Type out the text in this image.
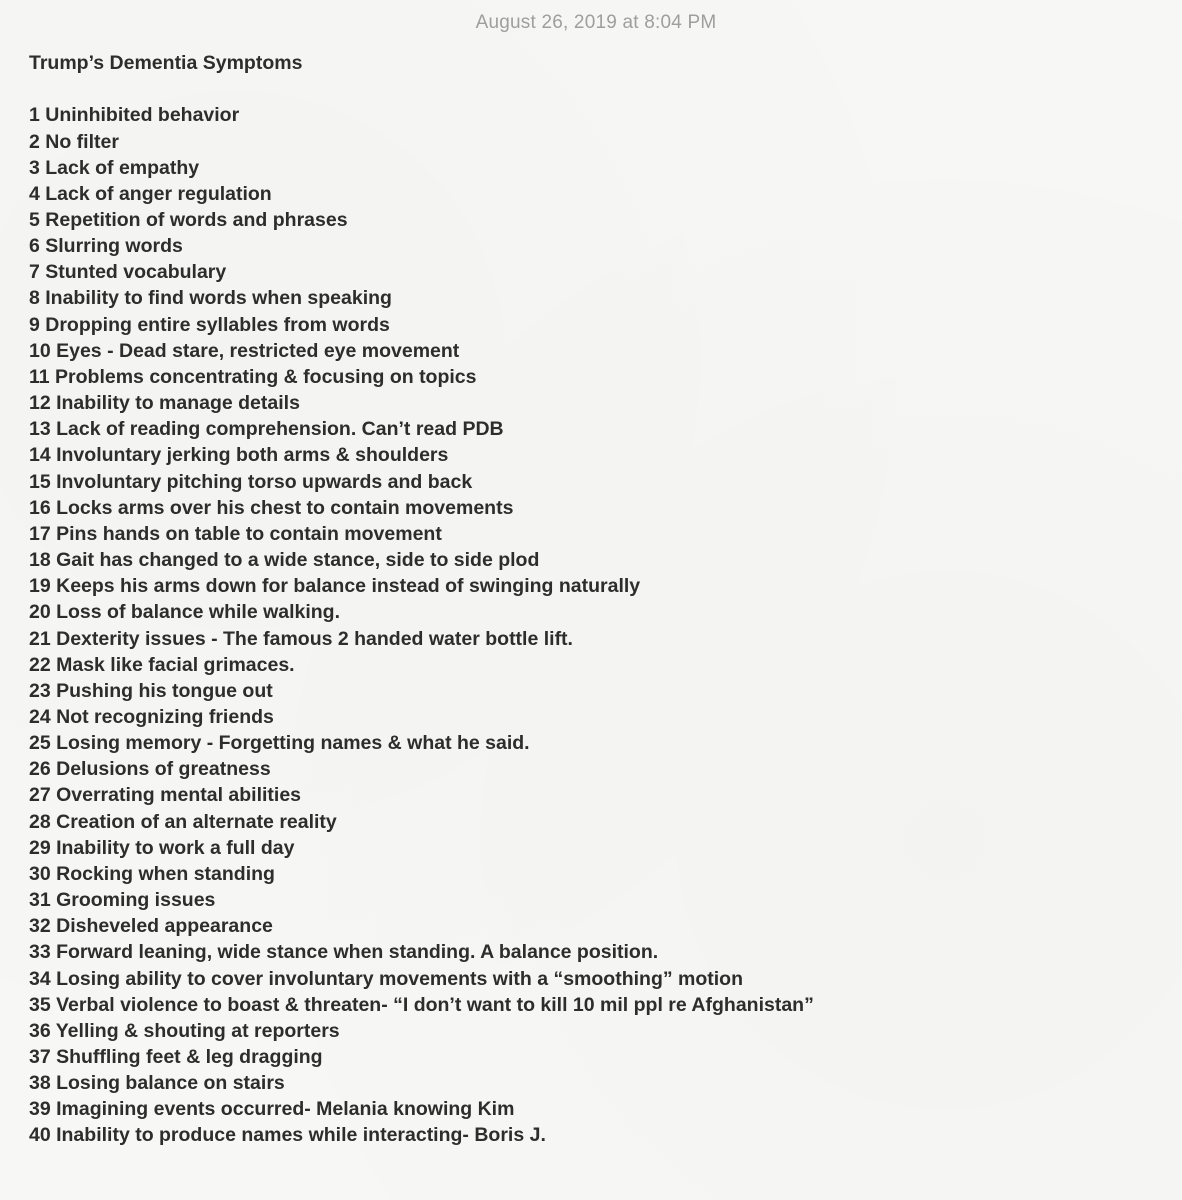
August 26, 2019 at 8:04 PM
Trump’s Dementia Symptoms
1 Uninhibited behavior
2 No filter
3 Lack of empathy
4 Lack of anger regulation
5 Repetition of words and phrases
6 Slurring words
7 Stunted vocabulary
8 Inability to find words when speaking
9 Dropping entire syllables from words
10 Eyes - Dead stare, restricted eye movement
11 Problems concentrating & focusing on topics
12 Inability to manage details
13 Lack of reading comprehension. Can’t read PDB
14 Involuntary jerking both arms & shoulders
15 Involuntary pitching torso upwards and back
16 Locks arms over his chest to contain movements
17 Pins hands on table to contain movement
18 Gait has changed to a wide stance, side to side plod
19 Keeps his arms down for balance instead of swinging naturally
20 Loss of balance while walking.
21 Dexterity issues - The famous 2 handed water bottle lift.
22 Mask like facial grimaces.
23 Pushing his tongue out
24 Not recognizing friends
25 Losing memory - Forgetting names & what he said.
26 Delusions of greatness
27 Overrating mental abilities
28 Creation of an alternate reality
29 Inability to work a full day
30 Rocking when standing
31 Grooming issues
32 Disheveled appearance
33 Forward leaning, wide stance when standing. A balance position.
34 Losing ability to cover involuntary movements with a “smoothing” motion
35 Verbal violence to boast & threaten- “I don’t want to kill 10 mil ppl re Afghanistan”
36 Yelling & shouting at reporters
37 Shuffling feet & leg dragging
38 Losing balance on stairs
39 Imagining events occurred- Melania knowing Kim
40 Inability to produce names while interacting- Boris J.
